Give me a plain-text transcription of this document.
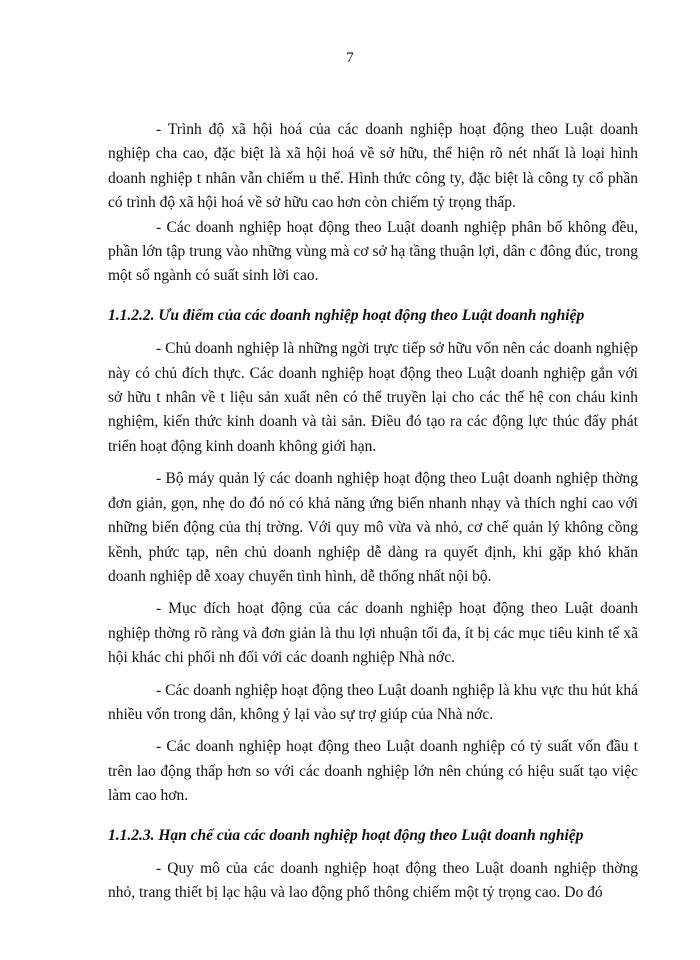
7

- Trình độ xã hội hoá của các doanh nghiệp hoạt động theo Luật doanh nghiệp cha cao, đặc biệt là xã hội hoá về sở hữu, thể hiện rõ nét nhất là loại hình doanh nghiệp t nhân vẫn chiếm u thế. Hình thức công ty, đặc biệt là công ty cổ phần có trình độ xã hội hoá về sở hữu cao hơn còn chiếm tỷ trọng thấp.

- Các doanh nghiệp hoạt động theo Luật doanh nghiệp phân bố không đều, phần lớn tập trung vào những vùng mà cơ sở hạ tầng thuận lợi, dân c đông đúc, trong một số ngành có suất sinh lời cao.

1.1.2.2. Ưu điểm của các doanh nghiệp hoạt động theo Luật doanh nghiệp

- Chủ doanh nghiệp là những ngời trực tiếp sở hữu vốn nên các doanh nghiệp này có chủ đích thực. Các doanh nghiệp hoạt động theo Luật doanh nghiệp gắn với sở hữu t nhân về t liệu sản xuất nên có thể truyền lại cho các thế hệ con cháu kinh nghiệm, kiến thức kinh doanh và tài sản. Điều đó tạo ra các động lực thúc đẩy phát triển hoạt động kinh doanh không giới hạn.

- Bộ máy quản lý các doanh nghiệp hoạt động theo Luật doanh nghiệp thờng đơn giản, gọn, nhẹ do đó nó có khả năng ứng biến nhanh nhạy và thích nghi cao với những biến động của thị trờng. Với quy mô vừa và nhỏ, cơ chế quản lý không cồng kềnh, phức tạp, nên chủ doanh nghiệp dễ dàng ra quyết định, khi gặp khó khăn doanh nghiệp dễ xoay chuyển tình hình, dễ thống nhất nội bộ.

- Mục đích hoạt động của các doanh nghiệp hoạt động theo Luật doanh nghiệp thờng rõ ràng và đơn giản là thu lợi nhuận tối đa, ít bị các mục tiêu kinh tế xã hội khác chi phối nh đối với các doanh nghiệp Nhà nớc.

- Các doanh nghiệp hoạt động theo Luật doanh nghiệp là khu vực thu hút khá nhiều vốn trong dân, không ỷ lại vào sự trợ giúp của Nhà nớc.

- Các doanh nghiệp hoạt động theo Luật doanh nghiệp có tỷ suất vốn đầu t trên lao động thấp hơn so với các doanh nghiệp lớn nên chúng có hiệu suất tạo việc làm cao hơn.

1.1.2.3. Hạn chế của các doanh nghiệp hoạt động theo Luật doanh nghiệp

- Quy mô của các doanh nghiệp hoạt động theo Luật doanh nghiệp thờng nhỏ, trang thiết bị lạc hậu và lao động phổ thông chiếm một tỷ trọng cao. Do đó
